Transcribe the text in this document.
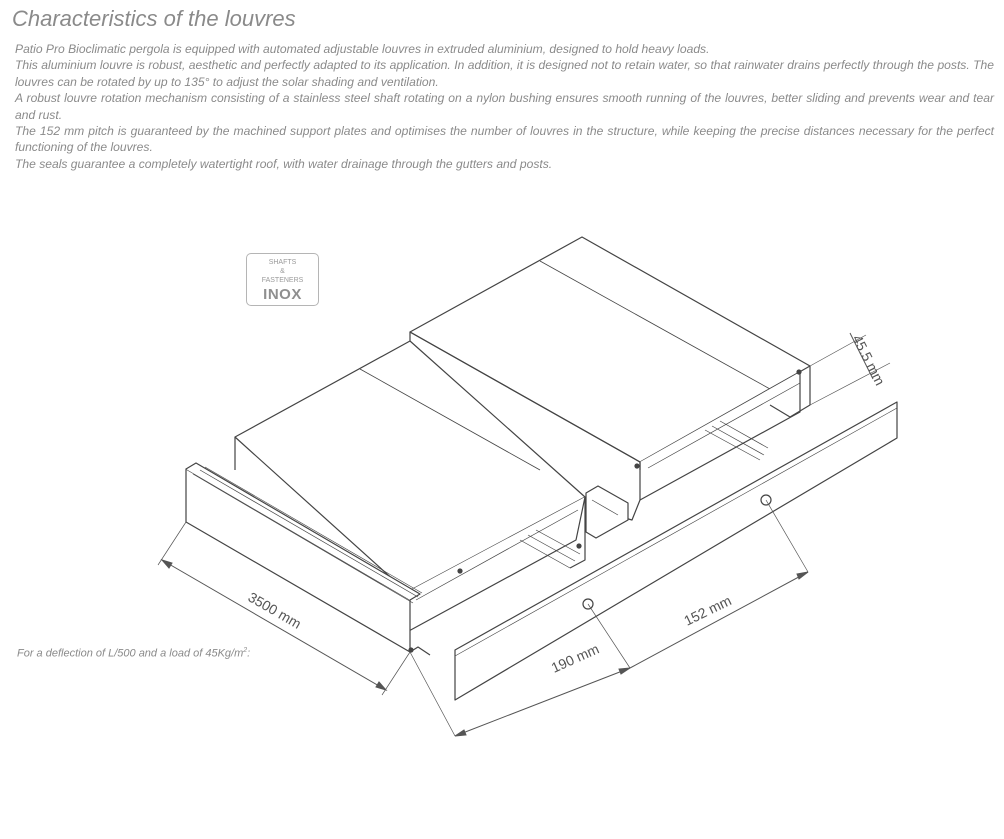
Characteristics of the louvres

Patio Pro Bioclimatic pergola is equipped with automated adjustable louvres in extruded aluminium, designed to hold heavy loads.

This aluminium louvre is robust, aesthetic and perfectly adapted to its application. In addition, it is designed not to retain water, so that rainwater drains perfectly through the posts. The louvres can be rotated by up to 135° to adjust the solar shading and ventilation.

A robust louvre rotation mechanism consisting of a stainless steel shaft rotating on a nylon bushing ensures smooth running of the louvres, better sliding and prevents wear and tear and rust.

The 152 mm pitch is guaranteed by the machined support plates and optimises the number of louvres in the structure, while keeping the precise distances necessary for the perfect functioning of the louvres.

The seals guarantee a completely watertight roof, with water drainage through the gutters and posts.

3500 mm
45.5 mm
190 mm
152 mm
SHAFTS
&
FASTENERS
INOX

For a deflection of L/500 and a load of $45Kg/m^2$:
